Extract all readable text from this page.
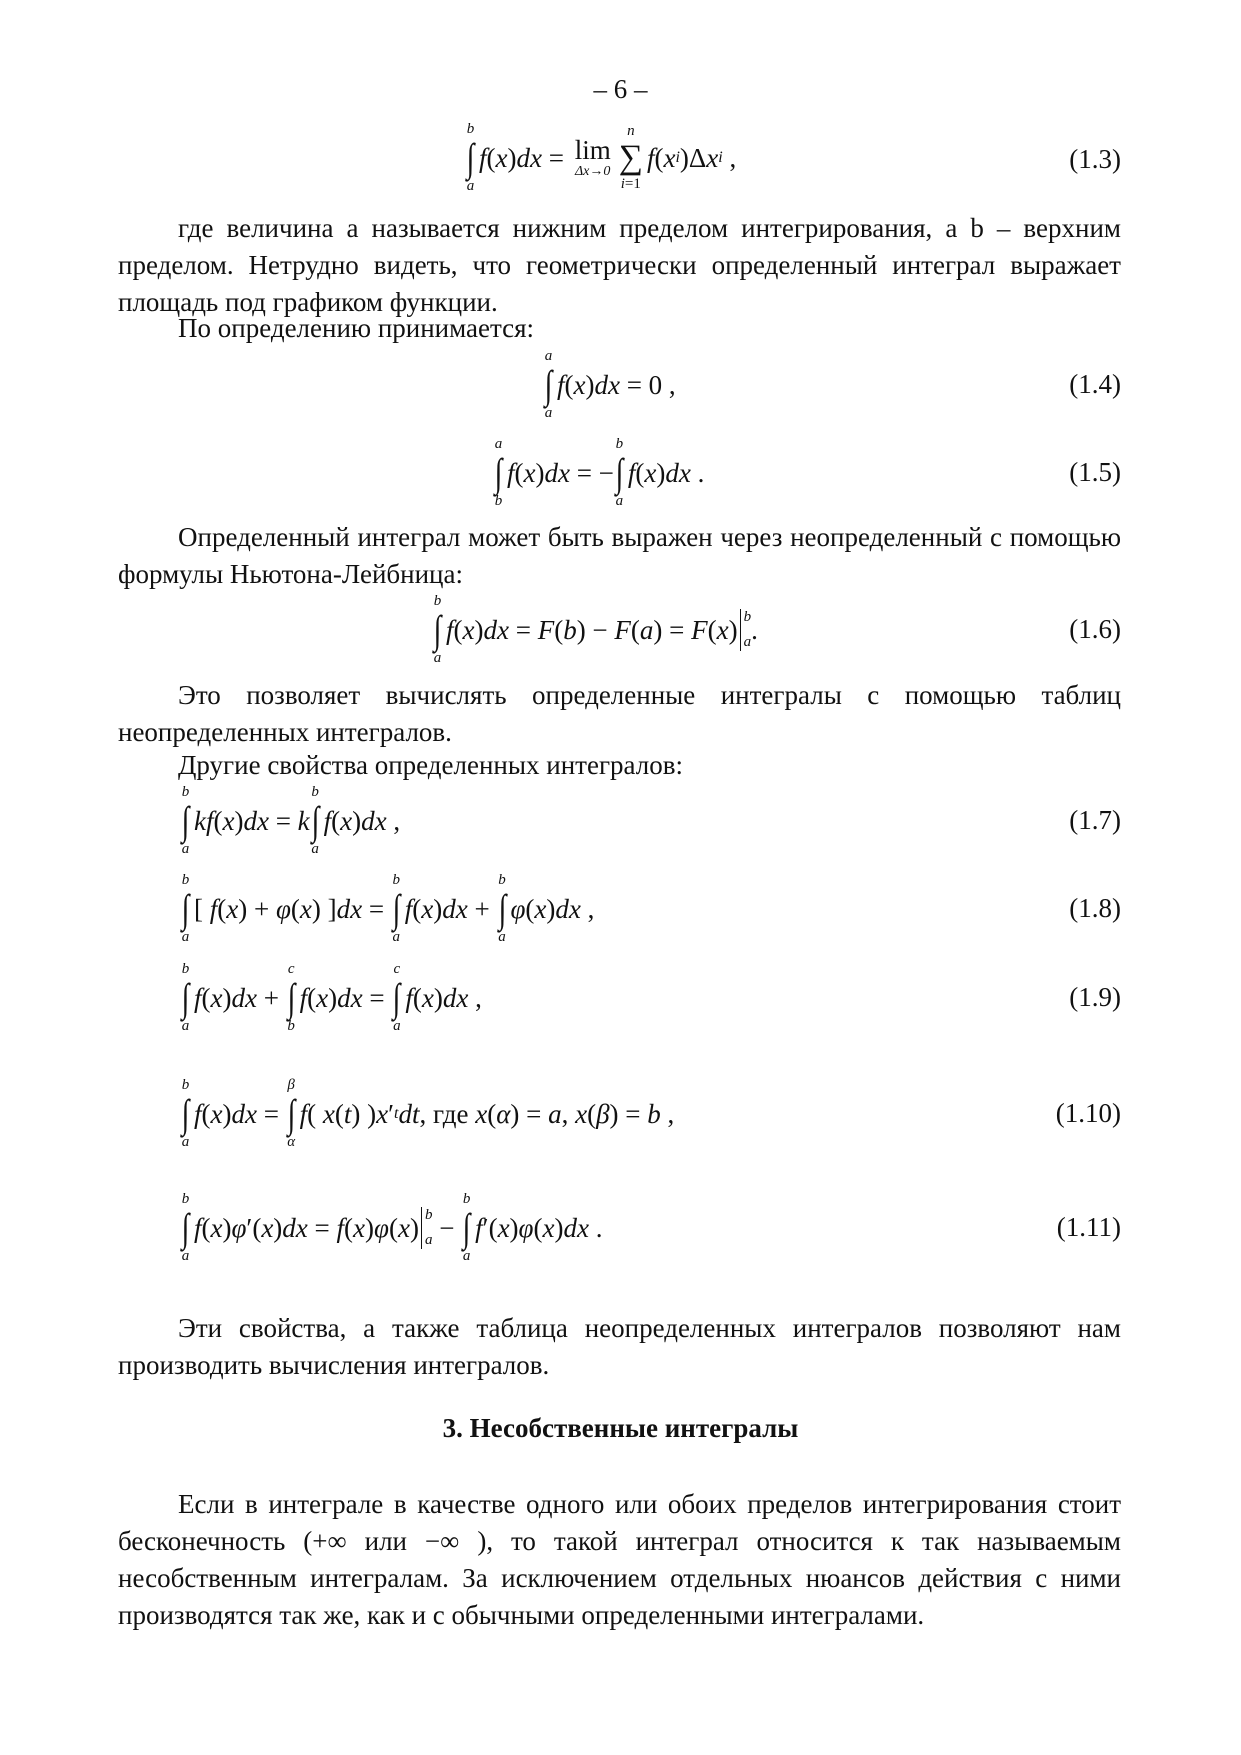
– 6 –
b
∫
a
f ( x ) dx = lim
Δx→0
n
∑
i=1
f ( x i )Δ x i ,	(1.3)

где величина a называется нижним пределом интегрирования, а b – верхним пределом. Нетрудно видеть, что геометрически определенный интеграл выражает площадь под графиком функции.

По определению принимается:

a
∫
a
f ( x ) dx = 0 ,	(1.4)
a
∫
b
f ( x ) dx = −
b
∫
a
f ( x ) dx .	(1.5)

Определенный интеграл может быть выражен через неопределенный с помощью формулы Ньютона-Лейбница:

b
∫
a
f ( x ) dx = F ( b ) − F ( a ) = F ( x ) b
a .	(1.6)

Это позволяет вычислять определенные интегралы с помощью таблиц неопределенных интегралов.

Другие свойства определенных интегралов:

b
∫
a
kf ( x ) dx = k
b
∫
a
f ( x ) dx ,	(1.7)
b
∫
a
[ f ( x ) + φ ( x ) ] dx =
b
∫
a
f ( x ) dx +
b
∫
a
φ ( x ) dx ,	(1.8)
b
∫
a
f ( x ) dx +
c
∫
b
f ( x ) dx =
c
∫
a
f ( x ) dx ,	(1.9)
b
∫
a
f ( x ) dx =
β
∫
α
f ( x ( t ) ) x ′ t dt , где
x ( α ) = a , x ( β ) = b ,	(1.10)
b
∫
a
f ( x ) φ ′( x ) dx = f ( x ) φ ( x ) b
a −
b
∫
a
f ′( x ) φ ( x ) dx .	(1.11)

Эти свойства, а также таблица неопределенных интегралов позволяют нам производить вычисления интегралов.

3. Несобственные интегралы

Если в интеграле в качестве одного или обоих пределов интегрирования стоит бесконечность (+∞ или −∞ ), то такой интеграл относится к так называемым несобственным интегралам. За исключением отдельных нюансов действия с ними производятся так же, как и с обычными определенными интегралами.
